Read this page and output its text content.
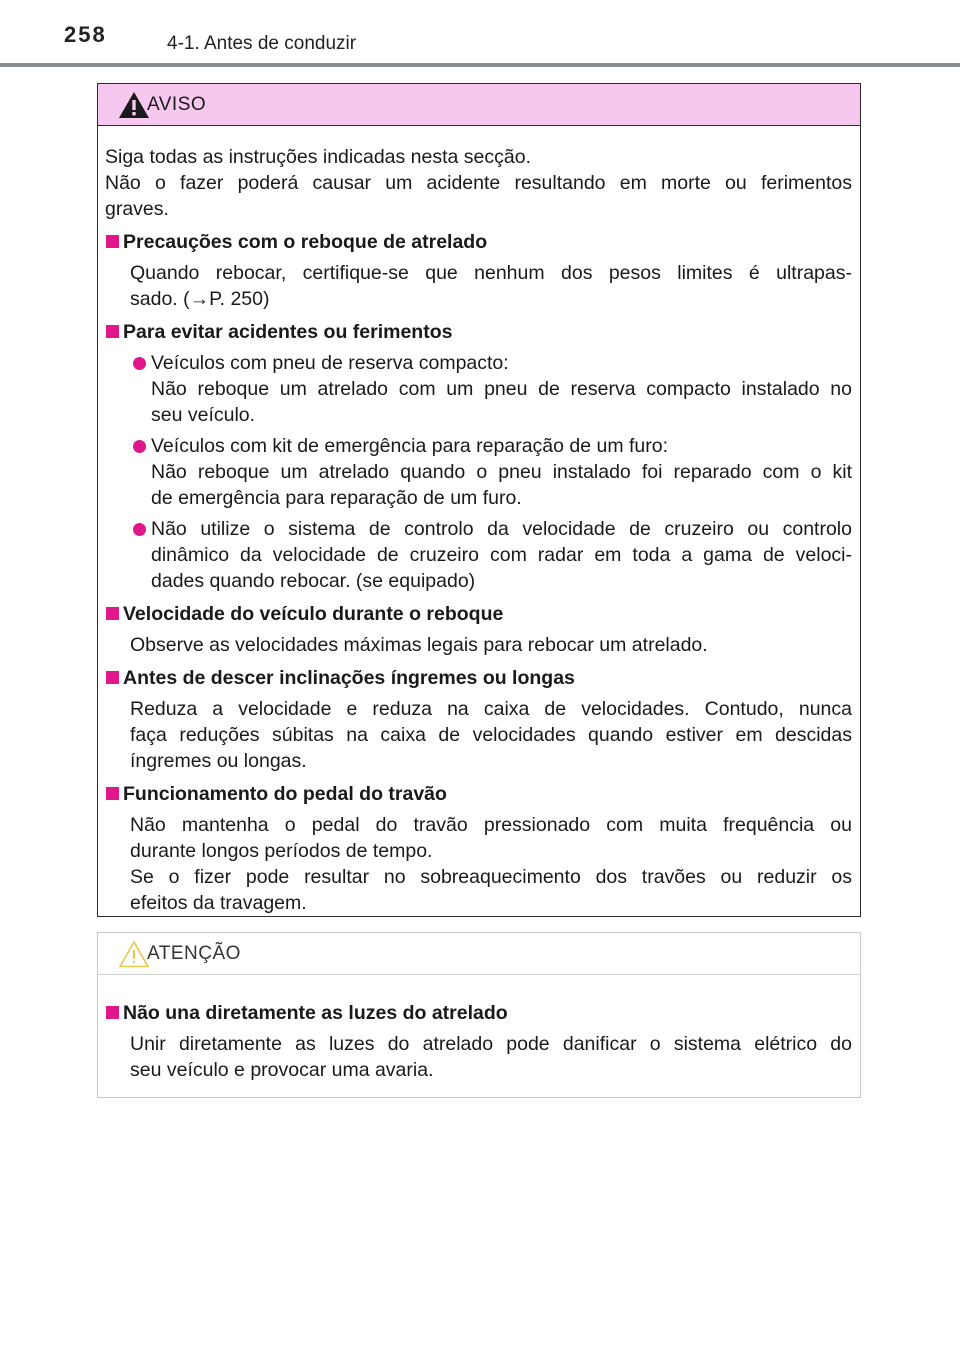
258	4-1. Antes de conduzir
AVISO
Siga todas as instruções indicadas nesta secção.
Não o fazer poderá causar um acidente resultando em morte ou ferimentos
graves.
Precauções com o reboque de atrelado
Quando rebocar, certifique-se que nenhum dos pesos limites é ultrapas-
sado. (→P. 250)
Para evitar acidentes ou ferimentos
Veículos com pneu de reserva compacto:
Não reboque um atrelado com um pneu de reserva compacto instalado no
seu veículo.
Veículos com kit de emergência para reparação de um furo:
Não reboque um atrelado quando o pneu instalado foi reparado com o kit
de emergência para reparação de um furo.
Não utilize o sistema de controlo da velocidade de cruzeiro ou controlo
dinâmico da velocidade de cruzeiro com radar em toda a gama de veloci-
dades quando rebocar. (se equipado)
Velocidade do veículo durante o reboque
Observe as velocidades máximas legais para rebocar um atrelado.
Antes de descer inclinações íngremes ou longas
Reduza a velocidade e reduza na caixa de velocidades. Contudo, nunca
faça reduções súbitas na caixa de velocidades quando estiver em descidas
íngremes ou longas.
Funcionamento do pedal do travão
Não mantenha o pedal do travão pressionado com muita frequência ou
durante longos períodos de tempo.
Se o fizer pode resultar no sobreaquecimento dos travões ou reduzir os
efeitos da travagem.
ATENÇÃO
Não una diretamente as luzes do atrelado
Unir diretamente as luzes do atrelado pode danificar o sistema elétrico do
seu veículo e provocar uma avaria.
